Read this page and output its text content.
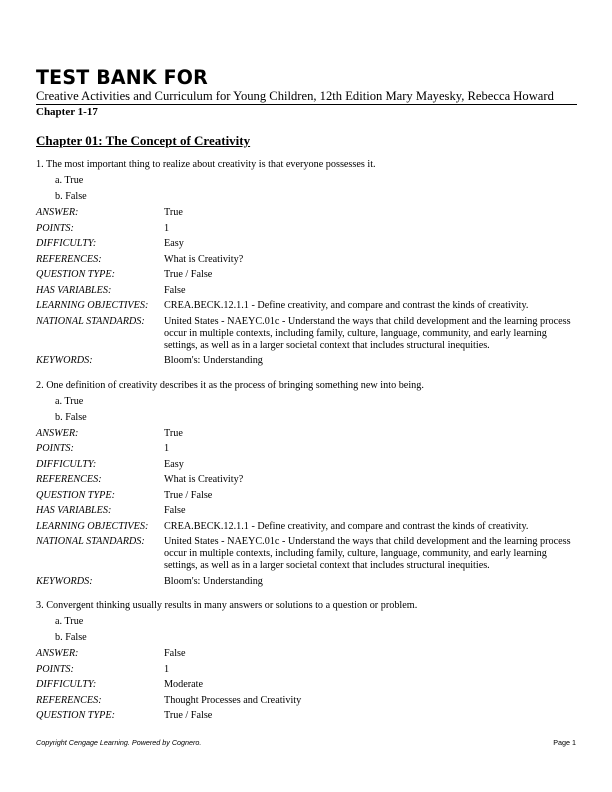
TEST BANK FOR
Creative Activities and Curriculum for Young Children, 12th Edition Mary Mayesky, Rebecca Howard
Chapter 1-17
Chapter 01: The Concept of Creativity
1. The most important thing to realize about creativity is that everyone possesses it.
a. True
b. False
ANSWER:	True
POINTS:	1
DIFFICULTY:	Easy
REFERENCES:	What is Creativity?
QUESTION TYPE:	True / False
HAS VARIABLES:	False
LEARNING OBJECTIVES:	CREA.BECK.12.1.1 - Define creativity, and compare and contrast the kinds of creativity.
NATIONAL STANDARDS:	United States - NAEYC.01c - Understand the ways that child development and the learning process occur in multiple contexts, including family, culture, language, community, and early learning settings, as well as in a larger societal context that includes structural inequities.
KEYWORDS:	Bloom's: Understanding
2. One definition of creativity describes it as the process of bringing something new into being.
a. True
b. False
ANSWER:	True
POINTS:	1
DIFFICULTY:	Easy
REFERENCES:	What is Creativity?
QUESTION TYPE:	True / False
HAS VARIABLES:	False
LEARNING OBJECTIVES:	CREA.BECK.12.1.1 - Define creativity, and compare and contrast the kinds of creativity.
NATIONAL STANDARDS:	United States - NAEYC.01c - Understand the ways that child development and the learning process occur in multiple contexts, including family, culture, language, community, and early learning settings, as well as in a larger societal context that includes structural inequities.
KEYWORDS:	Bloom's: Understanding
3. Convergent thinking usually results in many answers or solutions to a question or problem.
a. True
b. False
ANSWER:	False
POINTS:	1
DIFFICULTY:	Moderate
REFERENCES:	Thought Processes and Creativity
QUESTION TYPE:	True / False
Copyright Cengage Learning. Powered by Cognero.	Page 1
